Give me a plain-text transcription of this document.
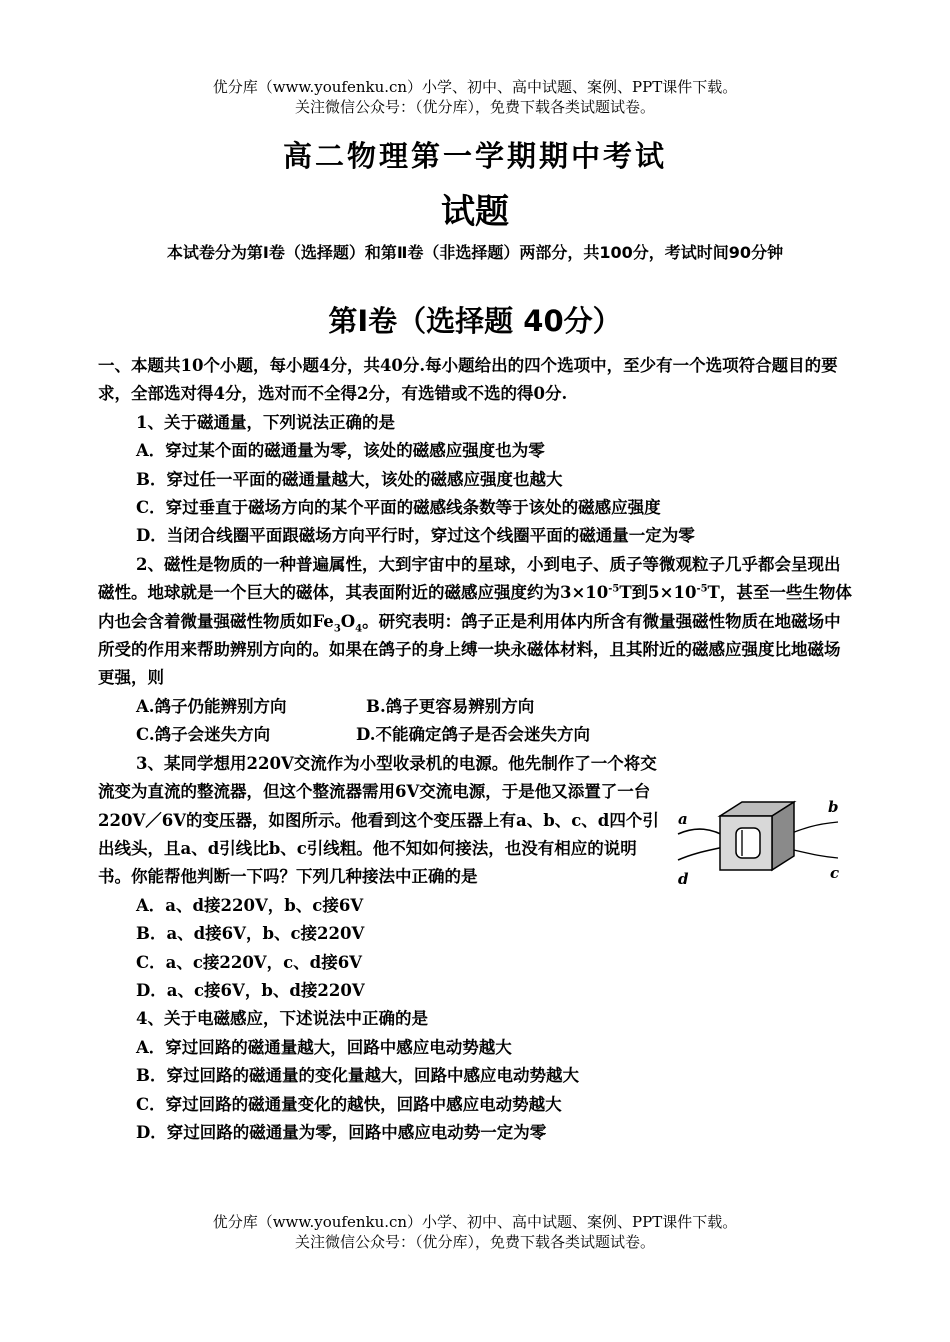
优分库（www.youfenku.cn）小学、初中、高中试题、案例、PPT课件下载。
关注微信公众号：（优分库），免费下载各类试题试卷。
高二物理第一学期期中考试
试题
本试卷分为第Ⅰ卷（选择题）和第Ⅱ卷（非选择题）两部分，共100分，考试时间90分钟
第Ⅰ卷（选择题 40分）

一、本题共10个小题，每小题4分，共40分.每小题给出的四个选项中，至少有一个选项符合题目的要求，全部选对得4分，选对而不全得2分，有选错或不选的得0分.

1、关于磁通量，下列说法正确的是

A．穿过某个面的磁通量为零，该处的磁感应强度也为零

B．穿过任一平面的磁通量越大，该处的磁感应强度也越大

C．穿过垂直于磁场方向的某个平面的磁感线条数等于该处的磁感应强度

D．当闭合线圈平面跟磁场方向平行时，穿过这个线圈平面的磁通量一定为零

2、磁性是物质的一种普遍属性，大到宇宙中的星球，小到电子、质子等微观粒子几乎都会呈现出磁性。地球就是一个巨大的磁体，其表面附近的磁感应强度约为$3\times 10^{-5}T$到$5\times 10^{-5}T$，甚至一些生物体内也会含着微量强磁性物质如$Fe_3O_4$。研究表明：鸽子正是利用体内所含有微量强磁性物质在地磁场中所受的作用来帮助辨别方向的。如果在鸽子的身上缚一块永磁体材料，且其附近的磁感应强度比地磁场更强，则

A.鸽子仍能辨别方向	B.鸽子更容易辨别方向

C.鸽子会迷失方向	D.不能确定鸽子是否会迷失方向

3、某同学想用220V交流作为小型收录机的电源。他先制作了一个将交流变为直流的整流器，但这个整流器需用6V交流电源，于是他又添置了一台220V／6V的变压器，如图所示。他看到这个变压器上有a、b、c、d四个引出线头，且a、d引线比b、c引线粗。他不知如何接法，也没有相应的说明书。你能帮他判断一下吗？下列几种接法中正确的是

a
d
b
c

A．a、d接220V，b、c接6V

B．a、d接6V，b、c接220V

C．a、c接220V，c、d接6V

D．a、c接6V，b、d接220V

4、关于电磁感应，下述说法中正确的是

A．穿过回路的磁通量越大，回路中感应电动势越大

B．穿过回路的磁通量的变化量越大，回路中感应电动势越大

C．穿过回路的磁通量变化的越快，回路中感应电动势越大

D．穿过回路的磁通量为零，回路中感应电动势一定为零

优分库（www.youfenku.cn）小学、初中、高中试题、案例、PPT课件下载。
关注微信公众号：（优分库），免费下载各类试题试卷。
